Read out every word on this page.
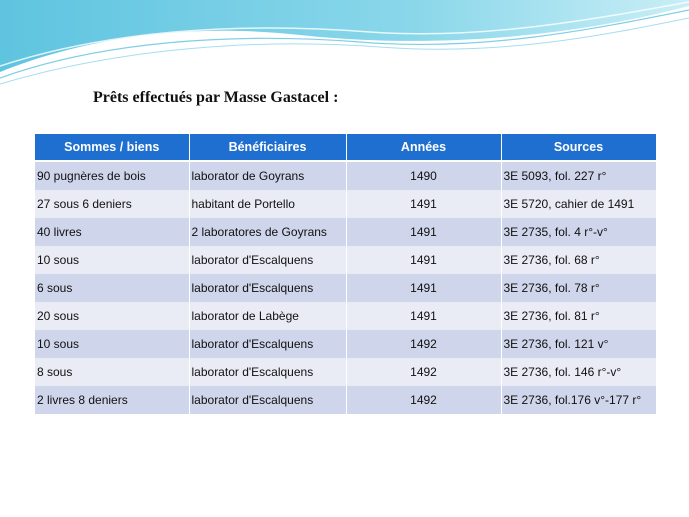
Prêts effectués par Masse Gastacel :
Sommes / biens	Bénéficiaires	Années	Sources
90 pugnères de bois	laborator de Goyrans	1490	3E 5093, fol. 227 r°
27 sous 6 deniers	habitant de Portello	1491	3E 5720, cahier de 1491
40 livres	2 laboratores de Goyrans	1491	3E 2735, fol. 4 r°-v°
10 sous	laborator d'Escalquens	1491	3E 2736, fol. 68 r°
6 sous	laborator d'Escalquens	1491	3E 2736, fol. 78 r°
20 sous	laborator de Labège	1491	3E 2736, fol. 81 r°
10 sous	laborator d'Escalquens	1492	3E 2736, fol. 121 v°
8 sous	laborator d'Escalquens	1492	3E 2736, fol. 146 r°-v°
2 livres 8 deniers	laborator d'Escalquens	1492	3E 2736, fol.176 v°-177 r°
